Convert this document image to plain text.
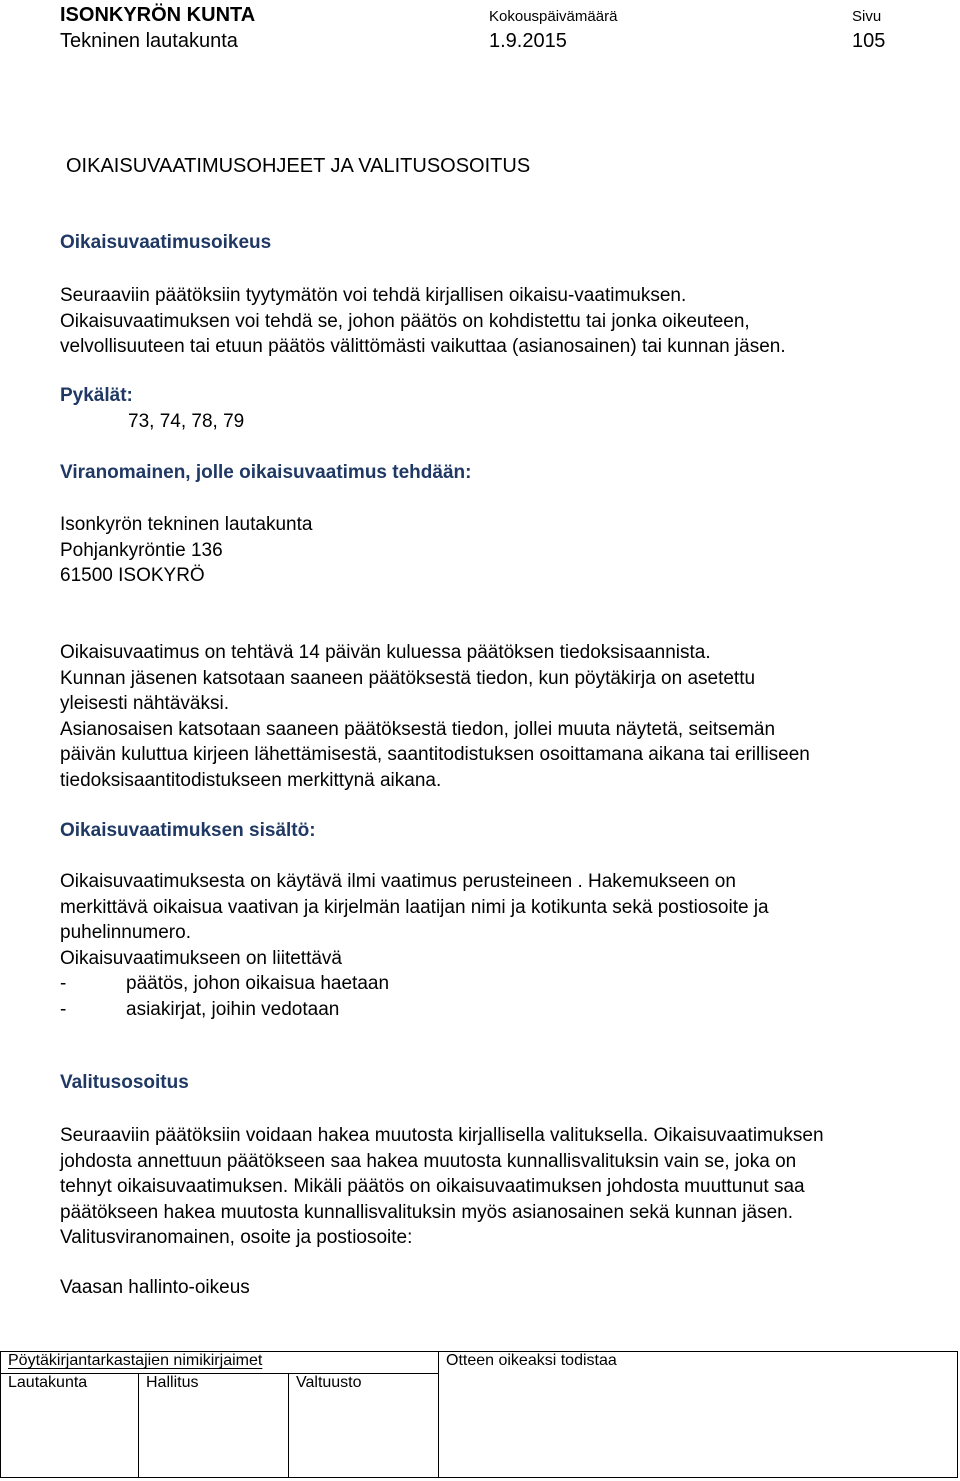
ISONKYRÖN KUNTA
Tekninen lautakunta
Kokouspäivämäärä
1.9.2015
Sivu
105
OIKAISUVAATIMUSOHJEET JA VALITUSOSOITUS
Oikaisuvaatimusoikeus
Seuraaviin päätöksiin tyytymätön voi tehdä kirjallisen oikaisu-vaatimuksen.
Oikaisuvaatimuksen voi tehdä se, johon päätös on kohdistettu tai jonka oikeuteen,
velvollisuuteen tai etuun päätös välittömästi vaikuttaa (asianosainen) tai kunnan jäsen.
Pykälät:
73, 74, 78, 79
Viranomainen, jolle oikaisuvaatimus tehdään:
Isonkyrön tekninen lautakunta
Pohjankyröntie 136
61500 ISOKYRÖ
Oikaisuvaatimus on tehtävä 14 päivän kuluessa päätöksen tiedoksisaannista.
Kunnan jäsenen katsotaan saaneen päätöksestä tiedon, kun pöytäkirja on asetettu
yleisesti nähtäväksi.
Asianosaisen katsotaan saaneen päätöksestä tiedon, jollei muuta näytetä, seitsemän
päivän kuluttua kirjeen lähettämisestä, saantitodistuksen osoittamana aikana tai erilliseen
tiedoksisaantitodistukseen merkittynä aikana.
Oikaisuvaatimuksen sisältö:
Oikaisuvaatimuksesta on käytävä ilmi vaatimus perusteineen . Hakemukseen on
merkittävä oikaisua vaativan ja kirjelmän laatijan nimi ja kotikunta sekä postiosoite ja
puhelinnumero.
Oikaisuvaatimukseen on liitettävä
-	päätös, johon oikaisua haetaan
-	asiakirjat, joihin vedotaan
Valitusosoitus
Seuraaviin päätöksiin voidaan hakea muutosta kirjallisella valituksella. Oikaisuvaatimuksen
johdosta annettuun päätökseen saa hakea muutosta kunnallisvalituksin vain se, joka on
tehnyt oikaisuvaatimuksen. Mikäli päätös on oikaisuvaatimuksen johdosta muuttunut saa
päätökseen hakea muutosta kunnallisvalituksin myös asianosainen sekä kunnan jäsen.
Valitusviranomainen, osoite ja postiosoite:
Vaasan hallinto-oikeus
Pöytäkirjantarkastajien nimikirjaimet	Otteen oikeaksi todistaa
Lautakunta	Hallitus	Valtuusto
